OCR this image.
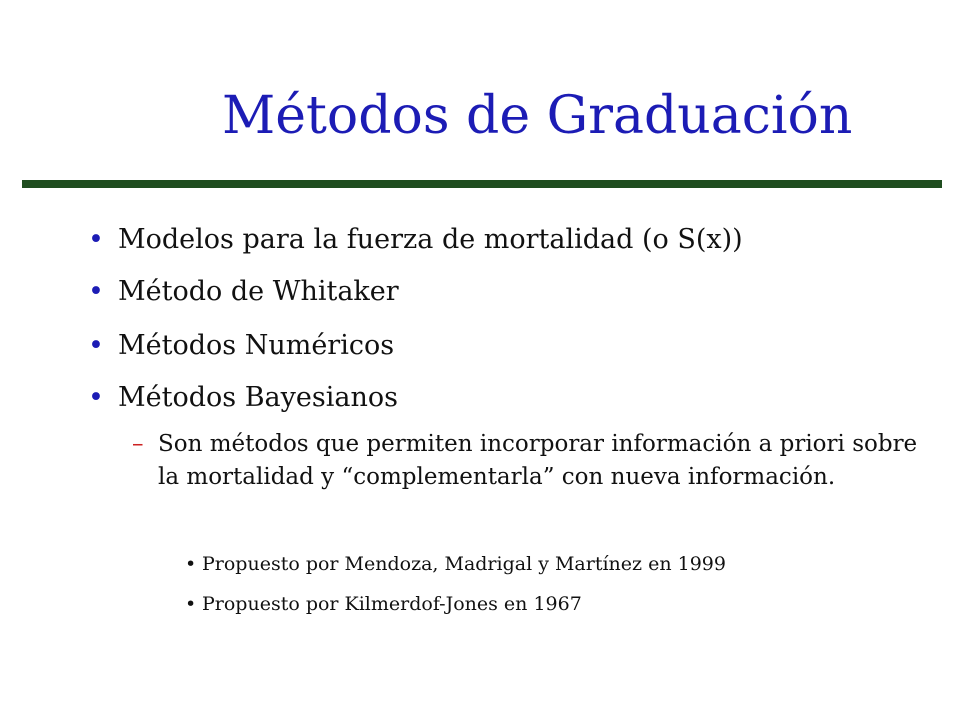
Métodos de Graduación
• Modelos para la fuerza de mortalidad (o S(x))
• Método de Whitaker
• Métodos Numéricos
• Métodos Bayesianos
– Son métodos que permiten incorporar información a priori sobre la mortalidad y “complementarla” con nueva información.
• Propuesto por Mendoza, Madrigal y Martínez en 1999
• Propuesto por Kilmerdof-Jones en 1967
